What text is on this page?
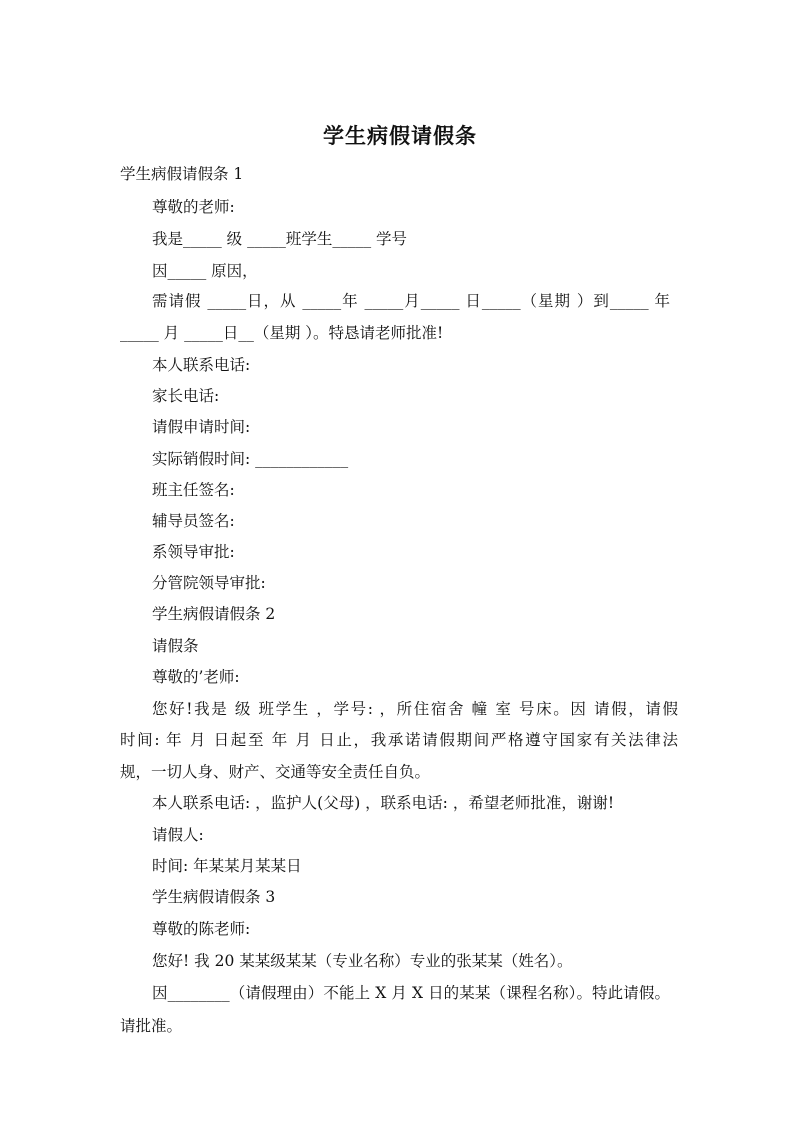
学生病假请假条
学生病假请假条 1
尊敬的老师:
我是_____ 级 _____班学生_____ 学号
因_____ 原因，
需请假 _____日，从 _____年 _____月_____ 日_____（星期 ）到_____ 年
_____ 月 _____日__（星期 ）。特恳请老师批准!
本人联系电话:
家长电话:
请假申请时间:
实际销假时间: ____________
班主任签名:
辅导员签名:
系领导审批:
分管院领导审批:
学生病假请假条 2
请假条
尊敬的’老师:
您好!我是 级 班学生 ，学号: ，所住宿舍 幢 室 号床。因 请假，请假
时间: 年 月 日起至 年 月 日止，我承诺请假期间严格遵守国家有关法律法
规，一切人身、财产、交通等安全责任自负。
本人联系电话: ，监护人(父母) ，联系电话: ，希望老师批准，谢谢!
请假人:
时间: 年某某月某某日
学生病假请假条 3
尊敬的陈老师:
您好! 我 20 某某级某某（专业名称）专业的张某某（姓名）。
因________（请假理由）不能上 X 月 X 日的某某（课程名称）。特此请假。
请批准。
